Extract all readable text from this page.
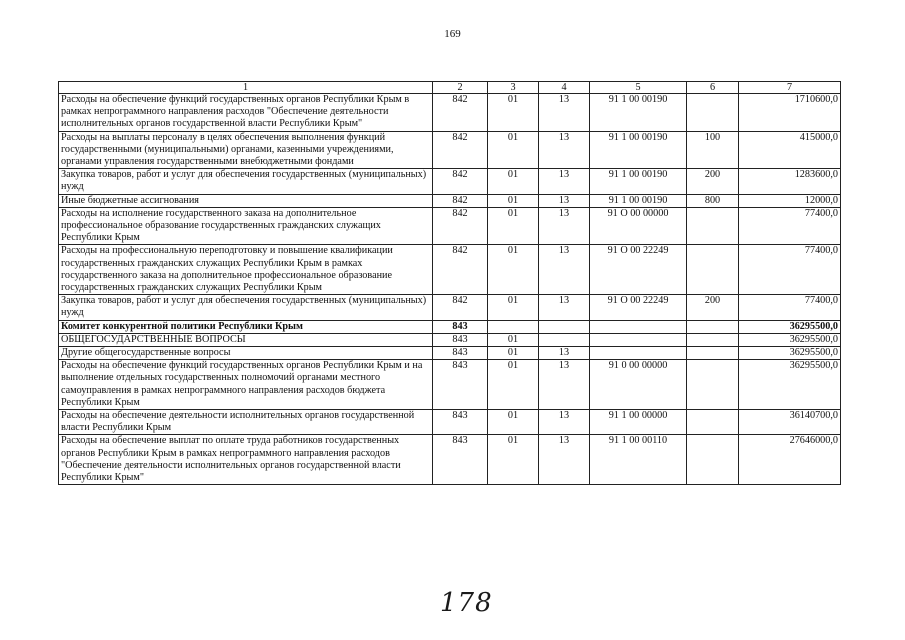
169
1	2	3	4	5	6	7
Расходы на обеспечение функций государственных органов Республики Крым в рамках непрограммного направления расходов "Обеспечение деятельности исполнительных органов государственной власти Республики Крым"	842	01	13	91 1 00 00190		1710600,0
Расходы на выплаты персоналу в целях обеспечения выполнения функций государственными (муниципальными) органами, казенными учреждениями, органами управления государственными внебюджетными фондами	842	01	13	91 1 00 00190	100	415000,0
Закупка товаров, работ и услуг для обеспечения государственных (муниципальных) нужд	842	01	13	91 1 00 00190	200	1283600,0
Иные бюджетные ассигнования	842	01	13	91 1 00 00190	800	12000,0
Расходы на исполнение государственного заказа на дополнительное профессиональное образование государственных гражданских служащих Республики Крым	842	01	13	91 О 00 00000		77400,0
Расходы на профессиональную переподготовку и повышение квалификации государственных гражданских служащих Республики Крым в рамках государственного заказа на дополнительное профессиональное образование государственных гражданских служащих Республики Крым	842	01	13	91 О 00 22249		77400,0
Закупка товаров, работ и услуг для обеспечения государственных (муниципальных) нужд	842	01	13	91 О 00 22249	200	77400,0
Комитет конкурентной политики Республики Крым	843					36295500,0
ОБЩЕГОСУДАРСТВЕННЫЕ ВОПРОСЫ	843	01				36295500,0
Другие общегосударственные вопросы	843	01	13			36295500,0
Расходы на обеспечение функций государственных органов Республики Крым и на выполнение отдельных государственных полномочий органами местного самоуправления в рамках непрограммного направления расходов бюджета Республики Крым	843	01	13	91 0 00 00000		36295500,0
Расходы на обеспечение деятельности исполнительных органов государственной власти Республики Крым	843	01	13	91 1 00 00000		36140700,0
Расходы на обеспечение выплат по оплате труда работников государственных органов Республики Крым в рамках непрограммного направления расходов "Обеспечение деятельности исполнительных органов государственной власти Республики Крым"	843	01	13	91 1 00 00110		27646000,0
178
